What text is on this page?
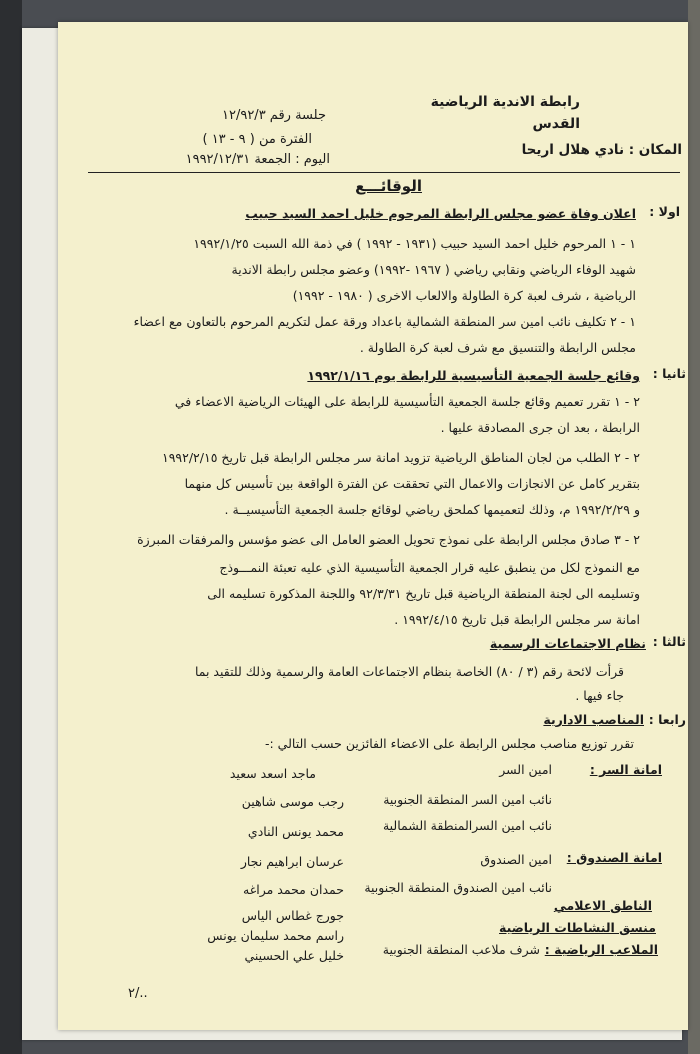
رابطة الاندية الرياضية
القدس
المكان : نادي هلال اريحا
جلسة رقم ١٢/٩٢/٣
الفترة من ( ٩ - ١٣ )
اليوم : الجمعة ١٩٩٢/١٢/٣١
الوقائـــع
اولا :
اعلان وفاة عضو مجلس الرابطة المرحوم خليل احمد السيد حبيب
١ - ١ المرحوم خليل احمد السيد حبيب (١٩٣١ - ١٩٩٢ ) في ذمة الله السبت ١٩٩٢/١/٢٥
شهيد الوفاء الرياضي ونقابي رياضي ( ١٩٦٧ -١٩٩٢) وعضو مجلس رابطة الاندية
الرياضية ، شرف لعبة كرة الطاولة والالعاب الاخرى ( ١٩٨٠ - ١٩٩٢)
١ - ٢ تكليف نائب امين سر المنطقة الشمالية باعداد ورقة عمل لتكريم المرحوم بالتعاون مع اعضاء
مجلس الرابطة والتنسيق مع شرف لعبة كرة الطاولة .
ثانيا :
وقائع جلسة الجمعية التأسيسية للرابطة يوم ١٩٩٢/١/١٦
٢ - ١ تقرر تعميم وقائع جلسة الجمعية التأسيسية للرابطة على الهيئات الرياضية الاعضاء في
الرابطة ، بعد ان جرى المصادقة عليها .
٢ - ٢ الطلب من لجان المناطق الرياضية تزويد امانة سر مجلس الرابطة قبل تاريخ ١٩٩٢/٢/١٥
بتقرير كامل عن الانجازات والاعمال التي تحققت عن الفترة الواقعة بين تأسيس كل منهما
و ١٩٩٢/٢/٢٩ م، وذلك لتعميمها كملحق رياضي لوقائع جلسة الجمعية التأسيسيــة .
٢ - ٣ صادق مجلس الرابطة على نموذج تحويل العضو العامل الى عضو مؤسس والمرفقات المبرزة
مع النموذج لكل من ينطبق عليه قرار الجمعية التأسيسية الذي عليه تعبئة النمـــوذج
وتسليمه الى لجنة المنطقة الرياضية قبل تاريخ ٩٢/٣/٣١ واللجنة المذكورة تسليمه الى
امانة سر مجلس الرابطة قبل تاريخ ١٩٩٢/٤/١٥ .
ثالثا :
نظام الاجتماعات الرسمية
قرأت لائحة رقم (٣ / ٨٠) الخاصة بنظام الاجتماعات العامة والرسمية وذلك للتقيد بما
جاء فيها .
رابعا :
المناصب الادارية
تقرر توزيع مناصب مجلس الرابطة على الاعضاء الفائزين حسب التالي :-
امانة السر :
امين السر
ماجد اسعد سعيد
نائب امين السر المنطقة الجنوبية
رجب موسى شاهين
نائب امين السرالمنطقة الشمالية
محمد يونس النادي
امانة الصندوق :
امين الصندوق
عرسان ابراهيم نجار
نائب امين الصندوق المنطقة الجنوبية
حمدان محمد مراغه
الناطق الاعلامي
جورج غطاس الياس
منسق النشاطات الرياضية
راسم محمد سليمان يونس
الملاعب الرياضية :
شرف ملاعب المنطقة الجنوبية
خليل علي الحسيني
٢/..
